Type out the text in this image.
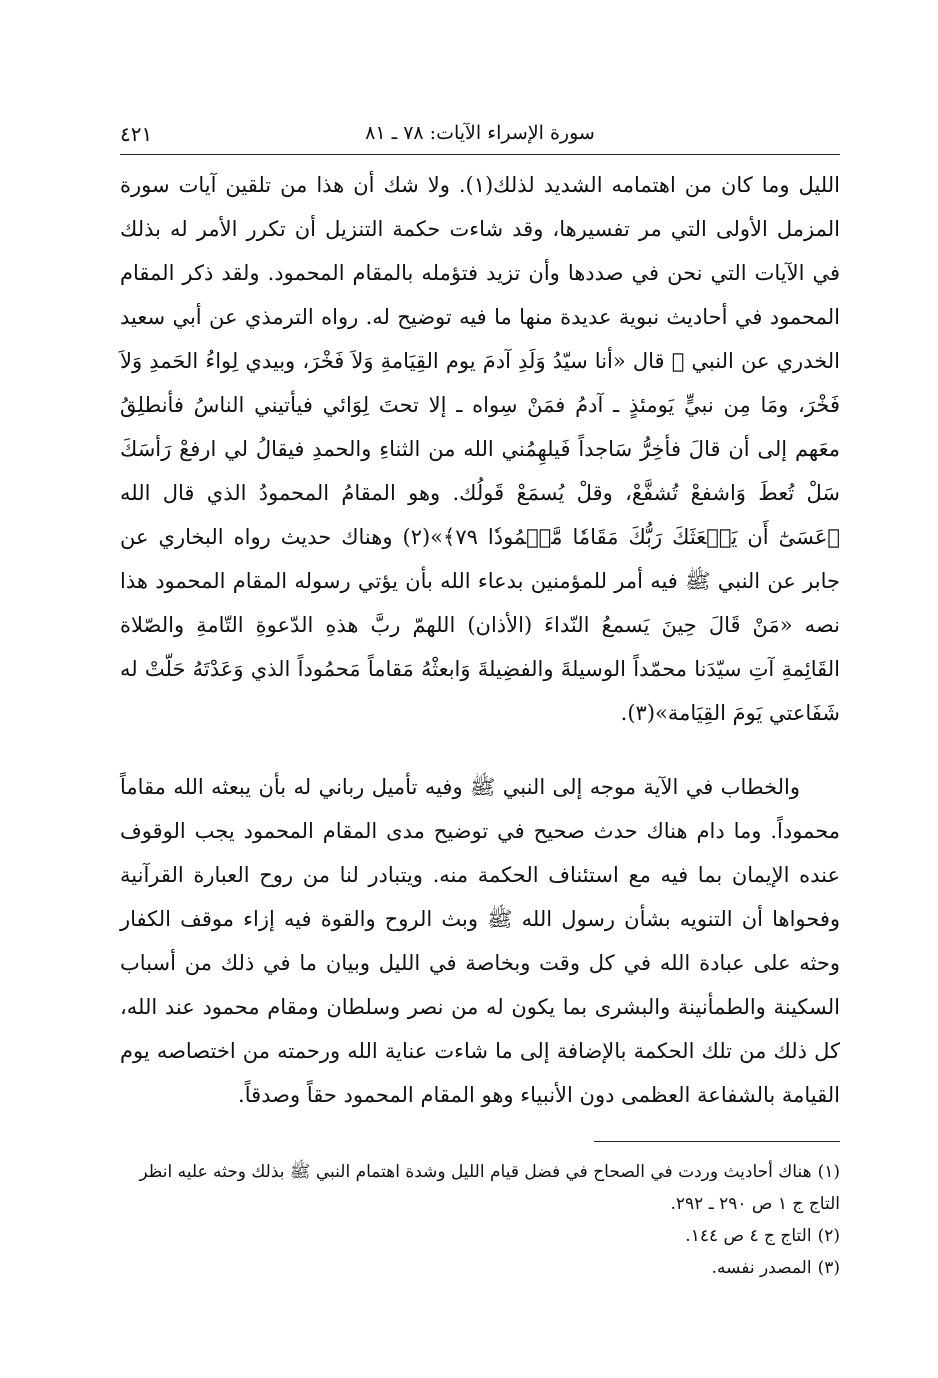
سورة الإسراء الآيات: ٧٨ ـ ٨١
٤٢١

الليل وما كان من اهتمامه الشديد لذلك(١). ولا شك أن هذا من تلقين آيات سورة المزمل الأولى التي مر تفسيرها، وقد شاءت حكمة التنزيل أن تكرر الأمر له بذلك في الآيات التي نحن في صددها وأن تزيد فتؤمله بالمقام المحمود. ولقد ذكر المقام المحمود في أحاديث نبوية عديدة منها ما فيه توضيح له. رواه الترمذي عن أبي سعيد الخدري عن النبي ﷺ قال «أنا سيّدُ وَلَدِ آدمَ يوم القِيَامةِ وَلاَ فَخْرَ، وبيدي لِواءُ الحَمدِ وَلاَ فَخْرَ، ومَا مِن نبيٍّ يَومئذٍ ـ آدمُ فمَنْ سِواه ـ إلا تحتَ لِوَائي فيأتيني الناسُ فأنطلِقُ معَهم إلى أن قالَ فأخِرُّ سَاجداً فَيلهِمُني الله من الثناءِ والحمدِ فيقالُ لي ارفعْ رَأسَكَ سَلْ تُعطَ وَاشفعْ تُشفَّعْ، وقلْ يُسمَعْ قَولُك. وهو المقامُ المحمودُ الذي قال الله ﴿عَسَىٰٓ أَن يَبۡعَثَكَ رَبُّكَ مَقَامٗا مَّحۡمُودٗا ٧٩﴾»(٢) وهناك حديث رواه البخاري عن جابر عن النبي ﷺ فيه أمر للمؤمنين بدعاء الله بأن يؤتي رسوله المقام المحمود هذا نصه «مَنْ قَالَ حِينَ يَسمعُ النّداءَ (الأذان) اللهمّ ربَّ هذهِ الدّعوةِ التّامةِ والصّلاة القَائِمةِ آتِ سيّدَنا محمّداً الوسيلةَ والفضِيلةَ وَابعثْهُ مَقاماً مَحمُوداً الذي وَعَدْتَهُ حَلّتْ له شَفَاعتي يَومَ القِيَامة»(٣).

والخطاب في الآية موجه إلى النبي ﷺ وفيه تأميل رباني له بأن يبعثه الله مقاماً محموداً. وما دام هناك حدث صحيح في توضيح مدى المقام المحمود يجب الوقوف عنده الإيمان بما فيه مع استئناف الحكمة منه. ويتبادر لنا من روح العبارة القرآنية وفحواها أن التنويه بشأن رسول الله ﷺ وبث الروح والقوة فيه إزاء موقف الكفار وحثه على عبادة الله في كل وقت وبخاصة في الليل وبيان ما في ذلك من أسباب السكينة والطمأنينة والبشرى بما يكون له من نصر وسلطان ومقام محمود عند الله، كل ذلك من تلك الحكمة بالإضافة إلى ما شاءت عناية الله ورحمته من اختصاصه يوم القيامة بالشفاعة العظمى دون الأنبياء وهو المقام المحمود حقاً وصدقاً.

(١)هناك أحاديث وردت في الصحاح في فضل قيام الليل وشدة اهتمام النبي ﷺ بذلك وحثه عليه انظر التاج ج ١ ص ٢٩٠ ـ ٢٩٢.
(٢)التاج ج ٤ ص ١٤٤.
(٣)المصدر نفسه.
